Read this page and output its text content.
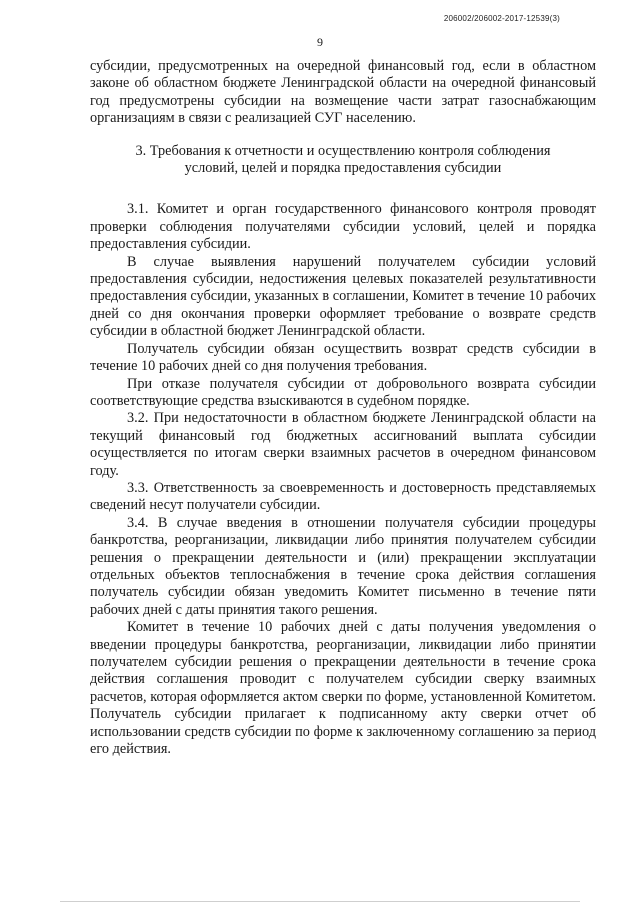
206002/206002-2017-12539(3)
9

субсидии, предусмотренных на очередной финансовый год, если в областном законе об областном бюджете Ленинградской области на очередной финансовый год предусмотрены субсидии на возмещение части затрат газоснабжающим организациям в связи с реализацией СУГ населению.

3. Требования к отчетности и осуществлению контроля соблюдения условий, целей и порядка предоставления субсидии

3.1. Комитет и орган государственного финансового контроля проводят проверки соблюдения получателями субсидии условий, целей и порядка предоставления субсидии.

В случае выявления нарушений получателем субсидии условий предоставления субсидии, недостижения целевых показателей результативности предоставления субсидии, указанных в соглашении, Комитет в течение 10 рабочих дней со дня окончания проверки оформляет требование о возврате средств субсидии в областной бюджет Ленинградской области.

Получатель субсидии обязан осуществить возврат средств субсидии в течение 10 рабочих дней со дня получения требования.

При отказе получателя субсидии от добровольного возврата субсидии соответствующие средства взыскиваются в судебном порядке.

3.2. При недостаточности в областном бюджете Ленинградской области на текущий финансовый год бюджетных ассигнований выплата субсидии осуществляется по итогам сверки взаимных расчетов в очередном финансовом году.

3.3. Ответственность за своевременность и достоверность представляемых сведений несут получатели субсидии.

3.4. В случае введения в отношении получателя субсидии процедуры банкротства, реорганизации, ликвидации либо принятия получателем субсидии решения о прекращении деятельности и (или) прекращении эксплуатации отдельных объектов теплоснабжения в течение срока действия соглашения получатель субсидии обязан уведомить Комитет письменно в течение пяти рабочих дней с даты принятия такого решения.

Комитет в течение 10 рабочих дней с даты получения уведомления о введении процедуры банкротства, реорганизации, ликвидации либо принятии получателем субсидии решения о прекращении деятельности в течение срока действия соглашения проводит с получателем субсидии сверку взаимных расчетов, которая оформляется актом сверки по форме, установленной Комитетом. Получатель субсидии прилагает к подписанному акту сверки отчет об использовании средств субсидии по форме к заключенному соглашению за период его действия.
